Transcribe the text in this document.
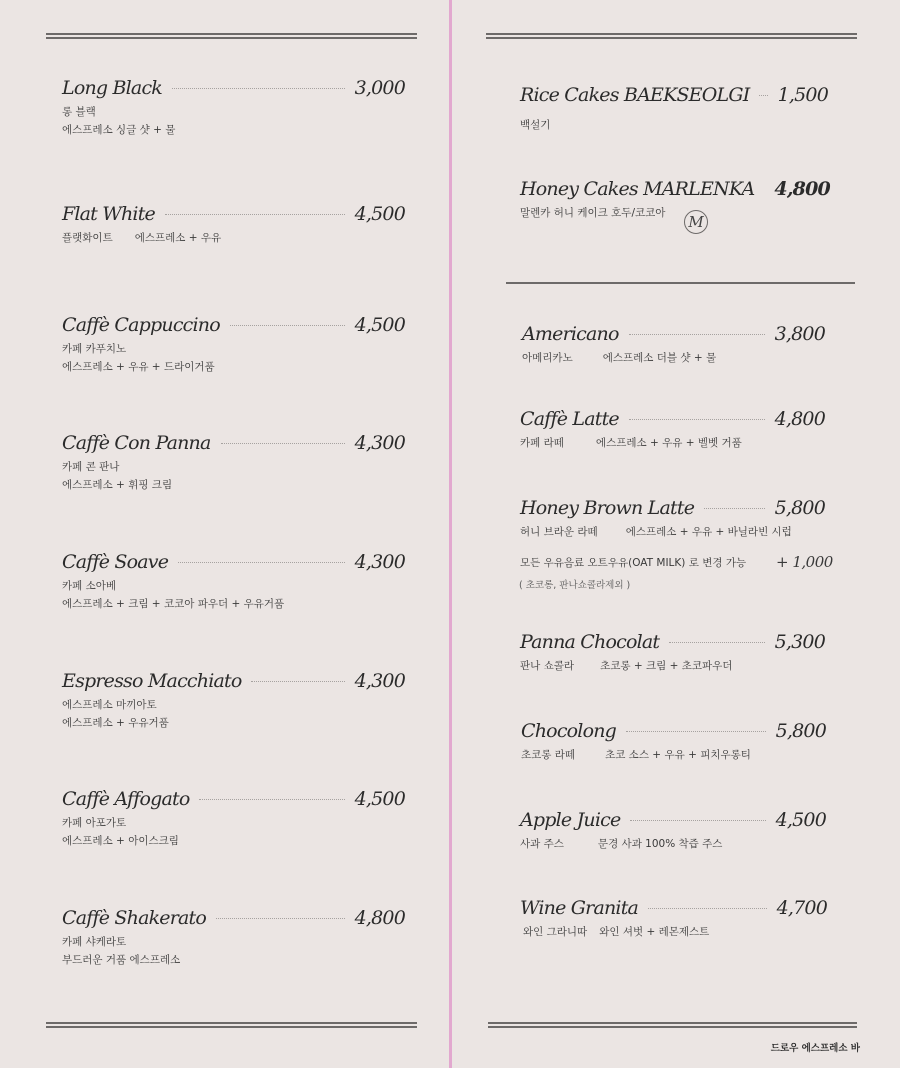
Long Black	3,000
롱 블랙
에스프레소 싱글 샷 + 물
Flat White	4,500
플랫화이트 에스프레소 + 우유
Caffè Cappuccino	4,500
카페 카푸치노
에스프레소 + 우유 + 드라이거품
Caffè Con Panna	4,300
카페 콘 판나
에스프레소 + 휘핑 크림
Caffè Soave	4,300
카페 소아베
에스프레소 + 크림 + 코코아 파우더 + 우유거품
Espresso Macchiato	4,300
에스프레소 마끼아토
에스프레소 + 우유거품
Caffè Affogato	4,500
카페 아포가토
에스프레소 + 아이스크림
Caffè Shakerato	4,800
카페 샤케라토
부드러운 거품 에스프레소
Rice Cakes BAEKSEOLGI 1,500
백설기
Honey Cakes MARLENKA 4,800
말렌카 허니 케이크 호두/코코아	M
Americano	3,800
아메리카노	에스프레소 더블 샷 + 물
Caffè Latte	4,800
카페 라떼	에스프레소 + 우유 + 벨벳 거품
Honey Brown Latte	5,800
허니 브라운 라떼	에스프레소 + 우유 + 바닐라빈 시럽
모든 우유음료 오트우유(OAT MILK) 로 변경 가능 + 1,000
( 초코롱, 판나쇼콜라제외 )
Panna Chocolat	5,300
판나 쇼콜라 초코롱 + 크림 + 초코파우더
Chocolong	5,800
초코롱 라떼	초코 소스 + 우유 + 피치우롱티
Apple Juice	4,500
사과 주스	문경 사과 100% 착즙 주스
Wine Granita	4,700
와인 그라니따 와인 셔벗 + 레몬제스트
드로우 에스프레소 바
